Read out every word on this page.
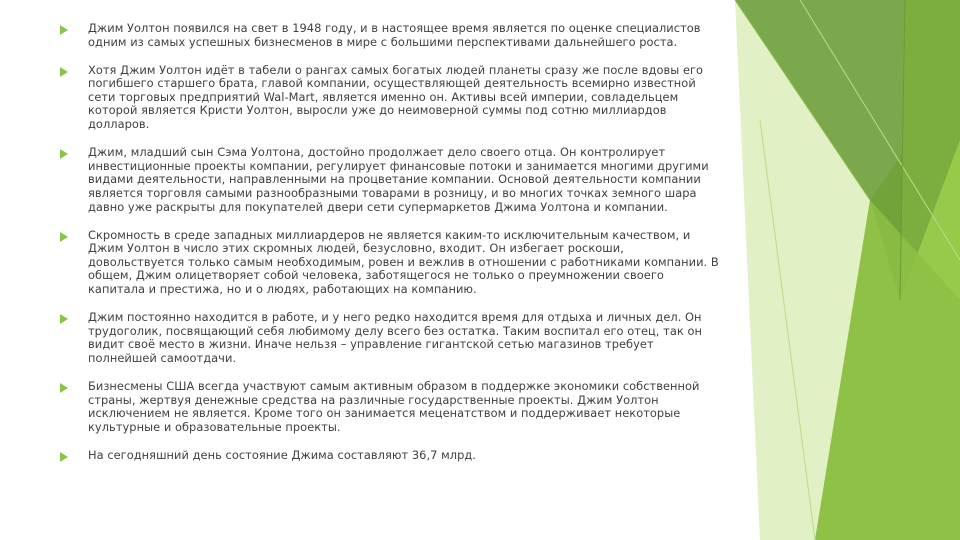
Джим Уолтон появился на свет в 1948 году, и в настоящее время является по оценке специалистов одним из самых успешных бизнесменов в мире с большими перспективами дальнейшего роста.
Хотя Джим Уолтон идёт в табели о рангах самых богатых людей планеты сразу же после вдовы его погибшего старшего брата, главой компании, осуществляющей деятельность всемирно известной сети торговых предприятий Wal-Mart, является именно он. Активы всей империи, совладельцем которой является Кристи Уолтон, выросли уже до неимоверной суммы под сотню миллиардов долларов.
Джим, младший сын Сэма Уолтона, достойно продолжает дело своего отца. Он контролирует инвестиционные проекты компании, регулирует финансовые потоки и занимается многими другими видами деятельности, направленными на процветание компании. Основой деятельности компании является торговля самыми разнообразными товарами в розницу, и во многих точках земного шара давно уже раскрыты для покупателей двери сети супермаркетов Джима Уолтона и компании.
Скромность в среде западных миллиардеров не является каким-то исключительным качеством, и Джим Уолтон в число этих скромных людей, безусловно, входит. Он избегает роскоши, довольствуется только самым необходимым, ровен и вежлив в отношении с работниками компании. В общем, Джим олицетворяет собой человека, заботящегося не только о преумножении своего капитала и престижа, но и о людях, работающих на компанию.
Джим постоянно находится в работе, и у него редко находится время для отдыха и личных дел. Он трудоголик, посвящающий себя любимому делу всего без остатка. Таким воспитал его отец, так он видит своё место в жизни. Иначе нельзя – управление гигантской сетью магазинов требует полнейшей самоотдачи.
Бизнесмены США всегда участвуют самым активным образом в поддержке экономики собственной страны, жертвуя денежные средства на различные государственные проекты. Джим Уолтон исключением не является. Кроме того он занимается меценатством и поддерживает некоторые культурные и образовательные проекты.
На сегодняшний день состояние Джима составляют 36,7 млрд.
